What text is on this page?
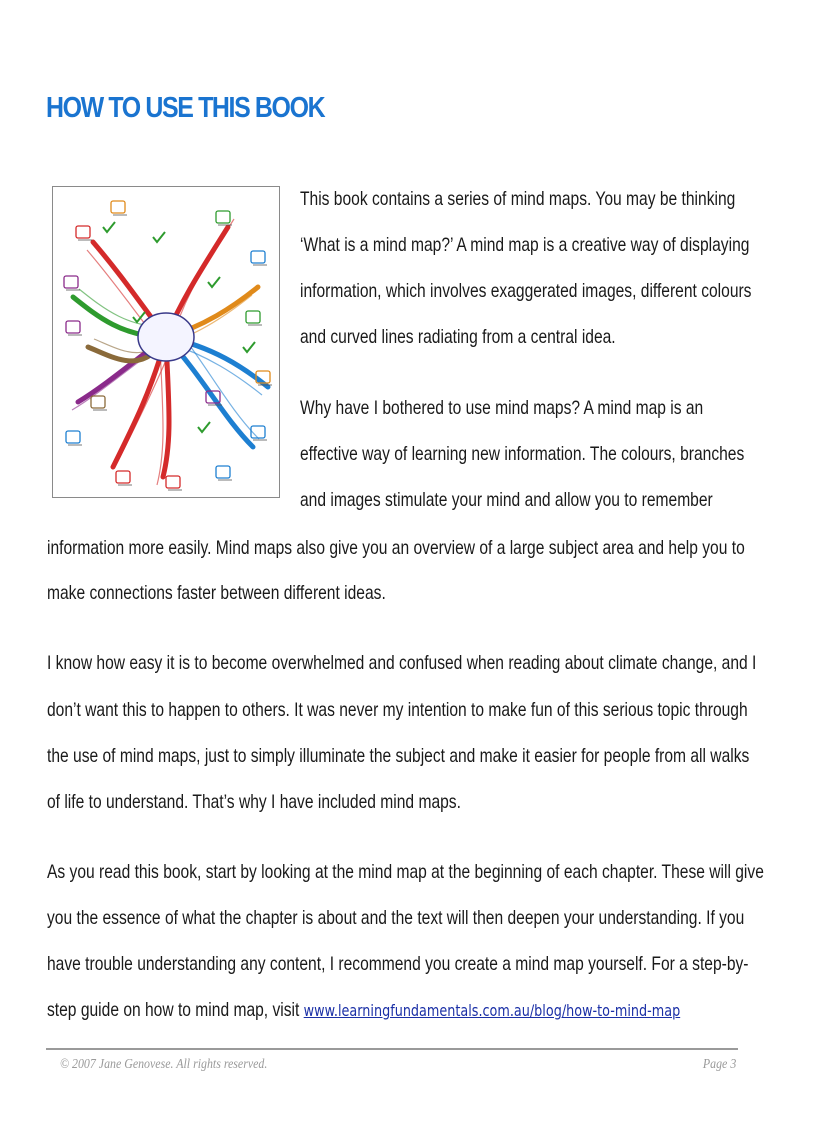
HOW TO USE THIS BOOK
This book contains a series of mind maps. You may be thinking
‘What is a mind map?’ A mind map is a creative way of displaying
information, which involves exaggerated images, different colours
and curved lines radiating from a central idea.
Why have I bothered to use mind maps? A mind map is an
effective way of learning new information. The colours, branches
and images stimulate your mind and allow you to remember
information more easily. Mind maps also give you an overview of a large subject area and help you to
make connections faster between different ideas.
I know how easy it is to become overwhelmed and confused when reading about climate change, and I
don’t want this to happen to others. It was never my intention to make fun of this serious topic through
the use of mind maps, just to simply illuminate the subject and make it easier for people from all walks
of life to understand. That’s why I have included mind maps.
As you read this book, start by looking at the mind map at the beginning of each chapter. These will give
you the essence of what the chapter is about and the text will then deepen your understanding. If you
have trouble understanding any content, I recommend you create a mind map yourself. For a step-by-
step guide on how to mind map, visit www.learningfundamentals.com.au/blog/how-to-mind-map
© 2007 Jane Genovese. All rights reserved.	Page 3
